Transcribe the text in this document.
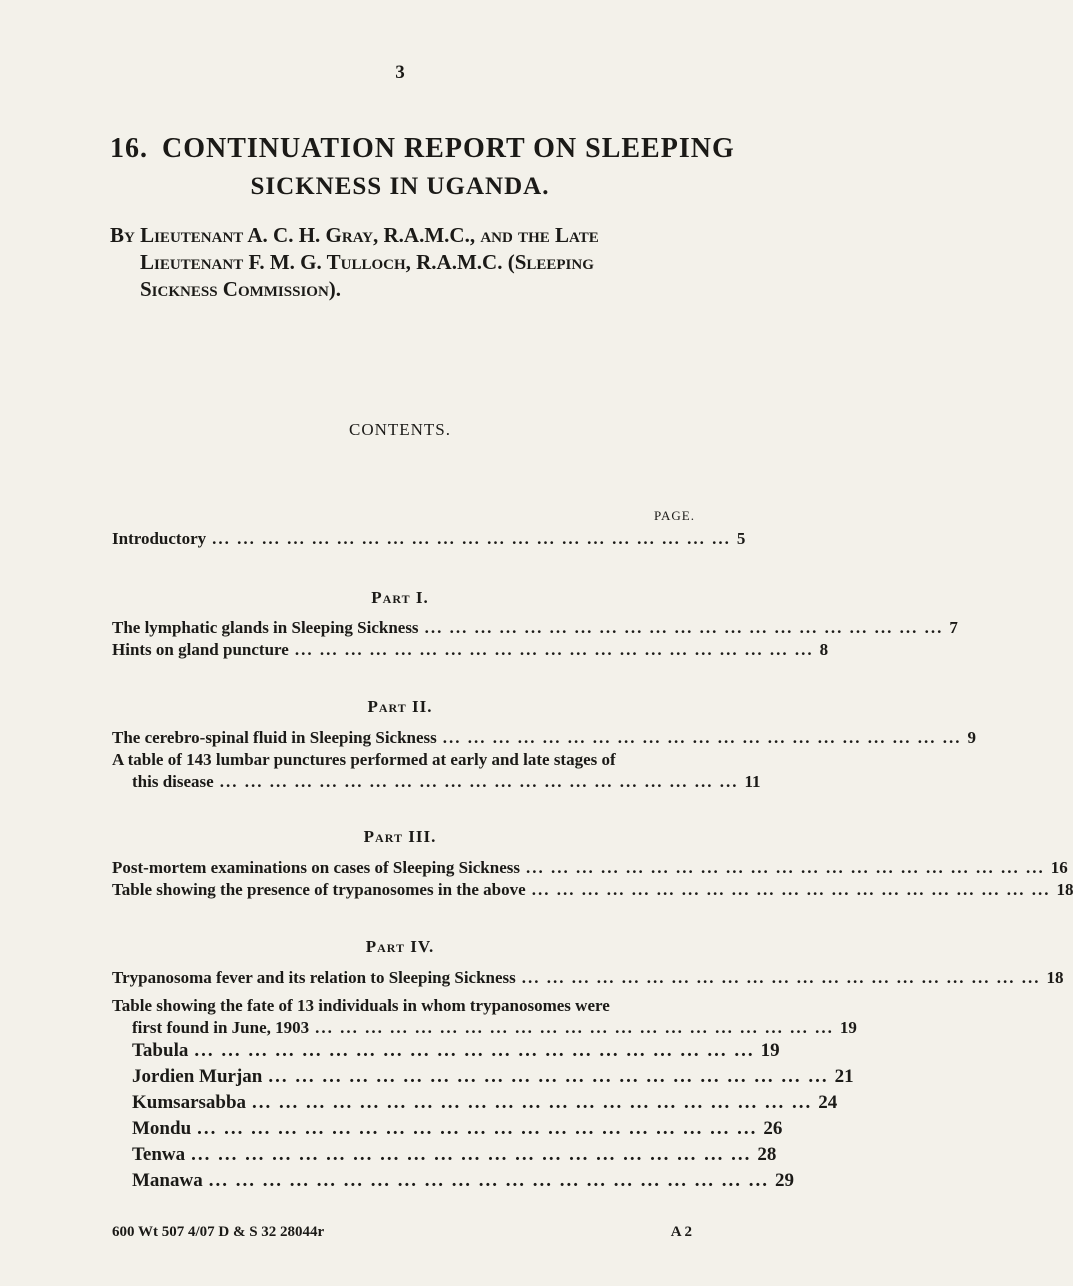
3
16. CONTINUATION REPORT ON SLEEPING
SICKNESS IN UGANDA.
By Lieutenant A. C. H. Gray, R.A.M.C., and the Late
Lieutenant F. M. G. Tulloch, R.A.M.C. (Sleeping
Sickness Commission).
CONTENTS.
PAGE.
Introductory ... ... ... ... ... ... ... ... ... ... ... ... ... ... ... ... ... ... ... ... ... 5
Part I.
The lymphatic glands in Sleeping Sickness ... ... ... ... ... ... ... ... ... ... ... ... ... ... ... ... ... ... ... ... ... 7
Hints on gland puncture ... ... ... ... ... ... ... ... ... ... ... ... ... ... ... ... ... ... ... ... ... 8
Part II.
The cerebro-spinal fluid in Sleeping Sickness ... ... ... ... ... ... ... ... ... ... ... ... ... ... ... ... ... ... ... ... ... 9
A table of 143 lumbar punctures performed at early and late stages of
this disease ... ... ... ... ... ... ... ... ... ... ... ... ... ... ... ... ... ... ... ... ... 11
Part III.
Post-mortem examinations on cases of Sleeping Sickness ... ... ... ... ... ... ... ... ... ... ... ... ... ... ... ... ... ... ... ... ... 16
Table showing the presence of trypanosomes in the above ... ... ... ... ... ... ... ... ... ... ... ... ... ... ... ... ... ... ... ... ... 18
Part IV.
Trypanosoma fever and its relation to Sleeping Sickness ... ... ... ... ... ... ... ... ... ... ... ... ... ... ... ... ... ... ... ... ... 18
Table showing the fate of 13 individuals in whom trypanosomes were
first found in June, 1903 ... ... ... ... ... ... ... ... ... ... ... ... ... ... ... ... ... ... ... ... ... 19
Tabula ... ... ... ... ... ... ... ... ... ... ... ... ... ... ... ... ... ... ... ... ... 19
Jordien Murjan ... ... ... ... ... ... ... ... ... ... ... ... ... ... ... ... ... ... ... ... ... 21
Kumsarsabba ... ... ... ... ... ... ... ... ... ... ... ... ... ... ... ... ... ... ... ... ... 24
Mondu ... ... ... ... ... ... ... ... ... ... ... ... ... ... ... ... ... ... ... ... ... 26
Tenwa ... ... ... ... ... ... ... ... ... ... ... ... ... ... ... ... ... ... ... ... ... 28
Manawa ... ... ... ... ... ... ... ... ... ... ... ... ... ... ... ... ... ... ... ... ... 29
600 Wt 507 4/07 D & S 32 28044r	A 2
